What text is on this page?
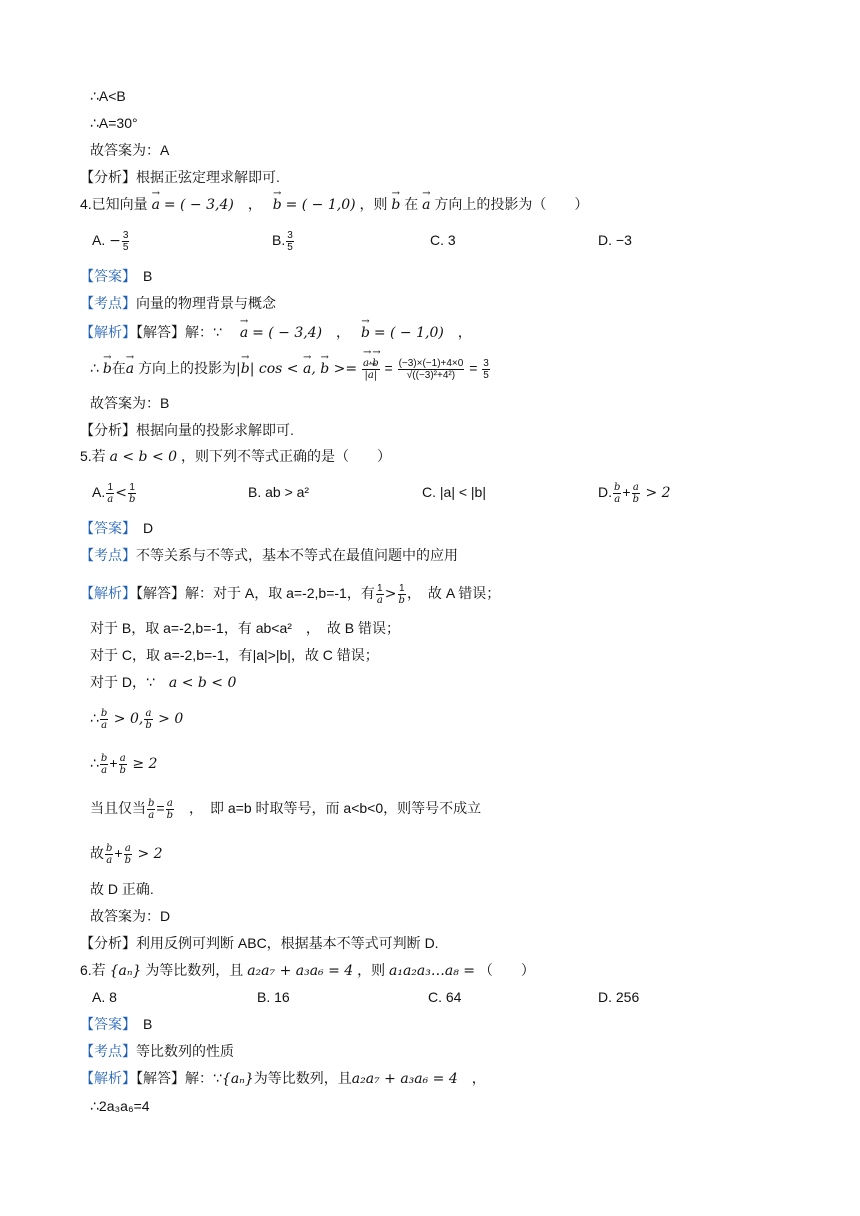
∴A<B
∴A=30°
故答案为：A
【分析】根据正弦定理求解即可.
4.已知向量 → a = ( − 3,4)　，　 → b = ( − 1,0) ，则 → b 在 → a 方向上的投影为（　　）
A. − $\frac{3}{5}$	B. $\frac{3}{5}$	C. 3	D. −3
【答案】　 B
【考点】向量的物理背景与概念
【解析】【解答】解：∵ 　 → a = ( − 3,4)　，　 → b = ( − 1,0)　，
∴ → b在→ a 方向上的投影为|→ b| cos < → a, → b >= → $\frac{a\cdot\to b}{|\to a|} = \frac{(-3)\times(-1)+4\times 0}{\text{√((−3)²+4²)}} = \frac{3}{5}$
故答案为：B
【分析】根据向量的投影求解即可.
5.若 a < b < 0 ，则下列不等式正确的是（　　）
A. $\frac{1}{a} < \frac{1}{b}$	B. ab > a²	C. |a| < |b|	D. $\frac{b}{a} + \frac{a}{b} > 2$
【答案】　 D
【考点】不等关系与不等式，基本不等式在最值问题中的应用
【解析】【解答】解：对于 A，取 a=-2,b=-1，有 $\frac{1}{a} > \frac{1}{b}$ ，　故 A 错误；
对于 B，取 a=-2,b=-1，有 ab<a²　，　故 B 错误；
对于 C，取 a=-2,b=-1，有|a|>|b|，故 C 错误；
对于 D，∵　 a < b < 0
∴ $\frac{b}{a} > 0$, $\frac{a}{b} > 0$
∴ $\frac{b}{a} + \frac{a}{b} \ge 2$
当且仅当 $\frac{b}{a} = \frac{a}{b}$
　 ，　即 a=b 时取等号，而 a<b<0，则等号不成立
故 $\frac{b}{a} + \frac{a}{b} > 2$
故 D 正确.
故答案为：D
【分析】利用反例可判断 ABC，根据基本不等式可判断 D.
6.若 {aₙ} 为等比数列，且 a₂a₇ + a₃a₆ = 4 ，则 a₁a₂a₃…a₈ = （　　）
A. 8	B. 16	C. 64	D. 256
【答案】　 B
【考点】等比数列的性质
【解析】【解答】解：∵{aₙ}为等比数列，且a₂a₇ + a₃a₆ = 4　 ，
∴2a₃a₆=4
